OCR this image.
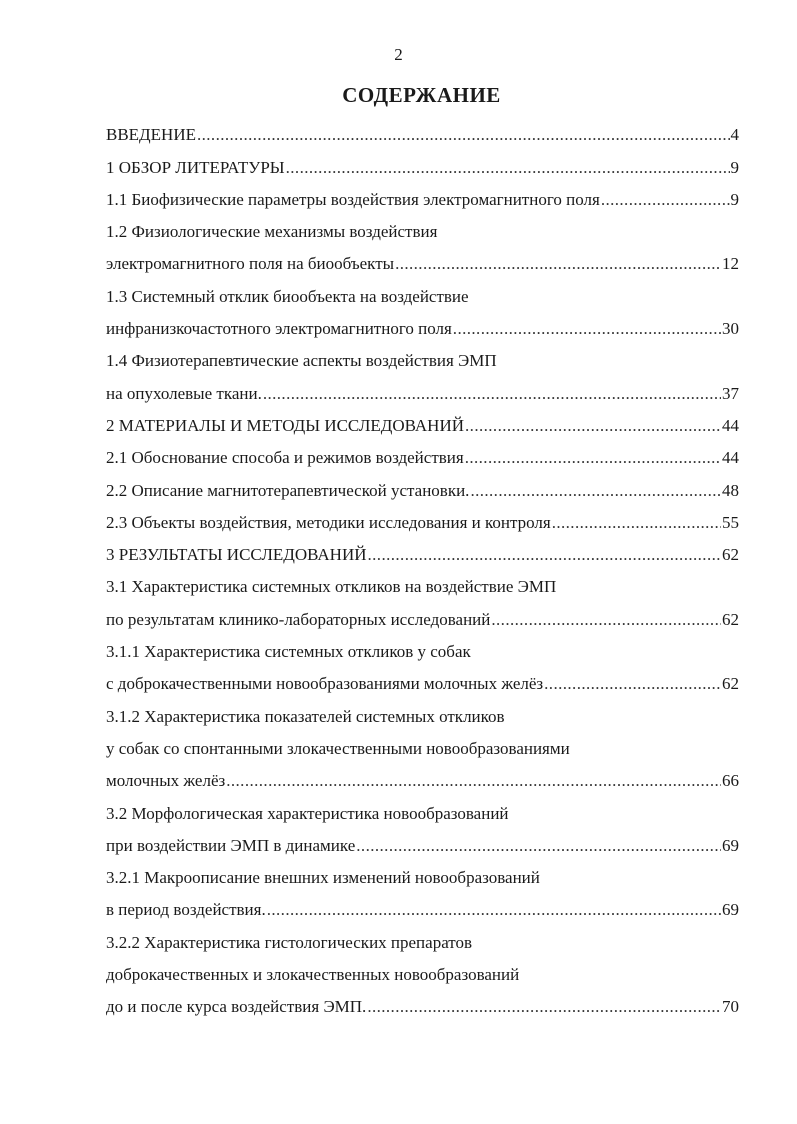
2
СОДЕРЖАНИЕ
ВВЕДЕНИЕ .....	4
1 ОБЗОР ЛИТЕРАТУРЫ .....	9
1.1 Биофизические параметры воздействия электромагнитного поля .....	9
1.2 Физиологические механизмы воздействия
электромагнитного поля на биообъекты .....	12
1.3 Системный отклик биообъекта на воздействие
инфранизкочастотного электромагнитного поля .....	30
1.4 Физиотерапевтические аспекты воздействия ЭМП
на опухолевые ткани. .....	37
2 МАТЕРИАЛЫ И МЕТОДЫ ИССЛЕДОВАНИЙ .....	44
2.1 Обоснование способа и режимов воздействия .....	44
2.2 Описание магнитотерапевтической установки. .....	48
2.3 Объекты воздействия, методики исследования и контроля .....	55
3 РЕЗУЛЬТАТЫ ИССЛЕДОВАНИЙ .....	62
3.1 Характеристика системных откликов на воздействие ЭМП
по результатам клинико-лабораторных исследований .....	62
3.1.1 Характеристика системных откликов у собак
с доброкачественными новообразованиями молочных желёз .....	62
3.1.2 Характеристика показателей системных откликов
у собак со спонтанными злокачественными новообразованиями
молочных желёз .....	66
3.2 Морфологическая характеристика новообразований
при воздействии ЭМП в динамике .....	69
3.2.1 Макроописание внешних изменений новообразований
в период воздействия. .....	69
3.2.2 Характеристика гистологических препаратов
доброкачественных и злокачественных новообразований
до и после курса воздействия ЭМП. .....	70
